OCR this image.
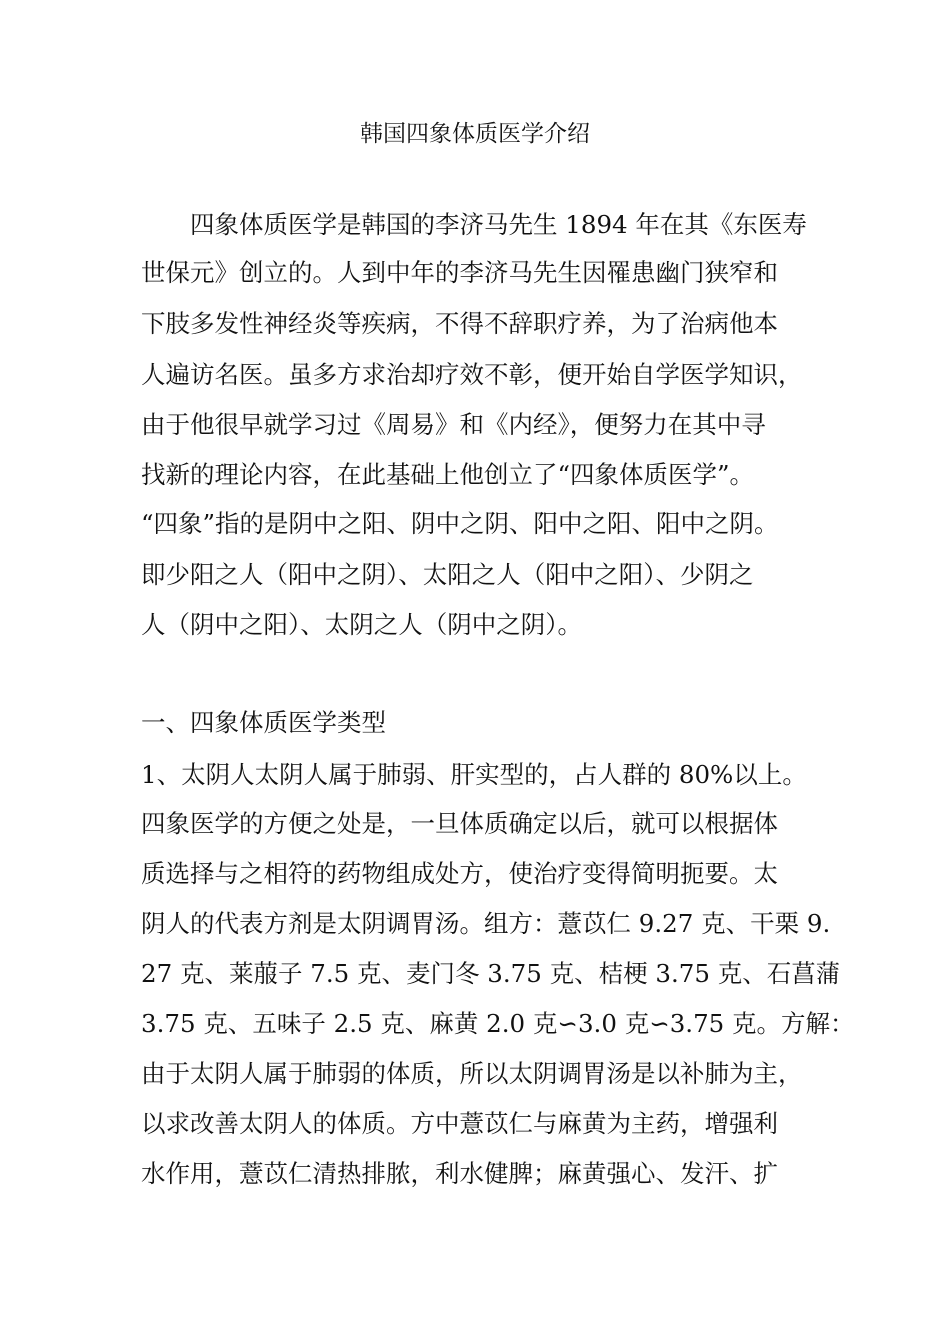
韩国四象体质医学介绍
四象体质医学是韩国的李济马先生 1894 年在其《东医寿
世保元》创立的。人到中年的李济马先生因罹患幽门狭窄和
下肢多发性神经炎等疾病，不得不辞职疗养，为了治病他本
人遍访名医。虽多方求治却疗效不彰，便开始自学医学知识，
由于他很早就学习过《周易》和《内经》，便努力在其中寻
找新的理论内容，在此基础上他创立了“四象体质医学”。
“四象”指的是阴中之阳、阴中之阴、阳中之阳、阳中之阴。
即少阳之人（阳中之阴）、太阳之人（阳中之阳）、少阴之
人（阴中之阳）、太阴之人（阴中之阴）。
一、四象体质医学类型
1、太阴人太阴人属于肺弱、肝实型的，占人群的 80%以上。
四象医学的方便之处是，一旦体质确定以后，就可以根据体
质选择与之相符的药物组成处方，使治疗变得简明扼要。太
阴人的代表方剂是太阴调胃汤。组方：薏苡仁 9.27 克、干栗 9.
27 克、莱菔子 7.5 克、麦门冬 3.75 克、桔梗 3.75 克、石菖蒲
3.75 克、五味子 2.5 克、麻黄 2.0 克∽3.0 克∽3.75 克。方解：
由于太阴人属于肺弱的体质，所以太阴调胃汤是以补肺为主，
以求改善太阴人的体质。方中薏苡仁与麻黄为主药，增强利
水作用，薏苡仁清热排脓，利水健脾；麻黄强心、发汗、扩
